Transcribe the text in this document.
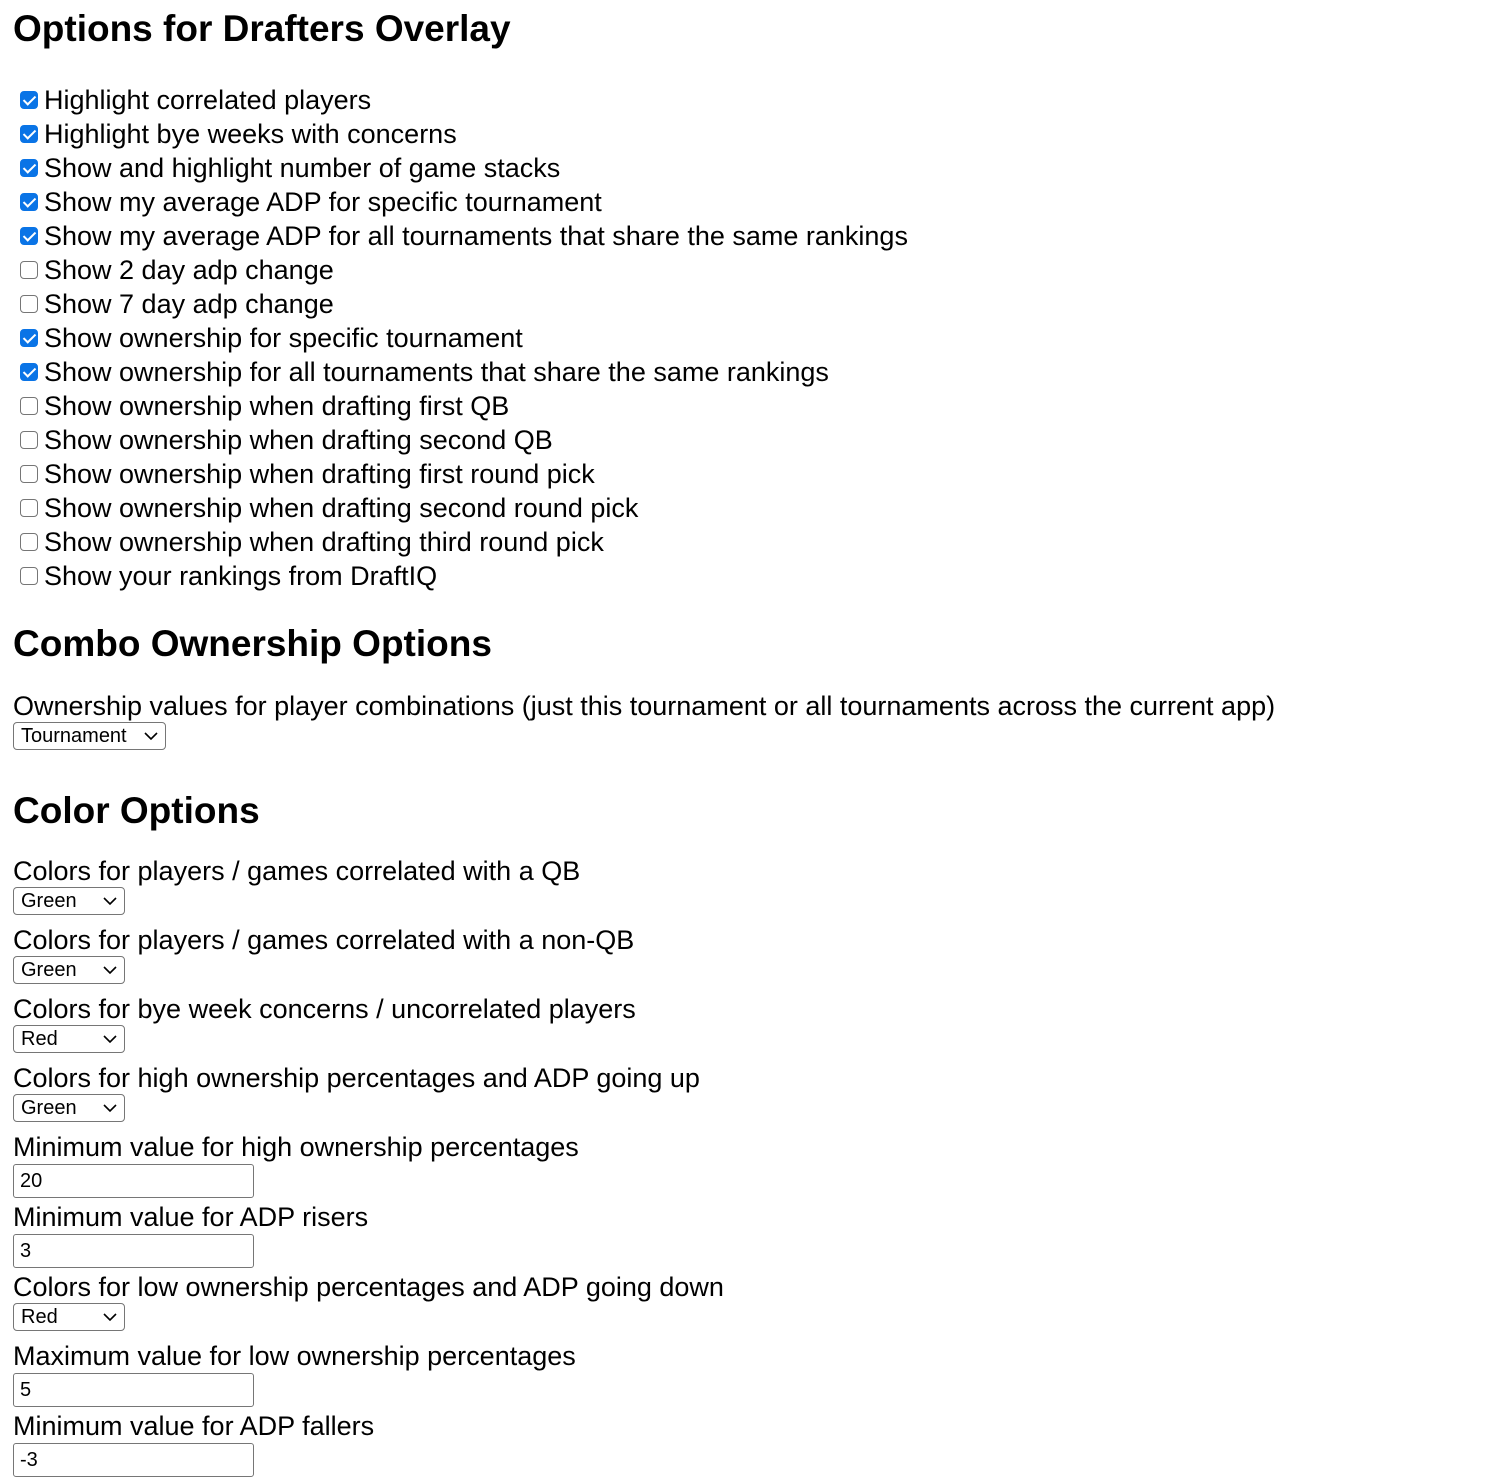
Options for Drafters Overlay
Highlight correlated players
Highlight bye weeks with concerns
Show and highlight number of game stacks
Show my average ADP for specific tournament
Show my average ADP for all tournaments that share the same rankings
Show 2 day adp change
Show 7 day adp change
Show ownership for specific tournament
Show ownership for all tournaments that share the same rankings
Show ownership when drafting first QB
Show ownership when drafting second QB
Show ownership when drafting first round pick
Show ownership when drafting second round pick
Show ownership when drafting third round pick
Show your rankings from DraftIQ
Combo Ownership Options
Ownership values for player combinations (just this tournament or all tournaments across the current app)
Tournament
Color Options
Colors for players / games correlated with a QB
Green
Colors for players / games correlated with a non-QB
Green
Colors for bye week concerns / uncorrelated players
Red
Colors for high ownership percentages and ADP going up
Green
Minimum value for high ownership percentages
20
Minimum value for ADP risers
3
Colors for low ownership percentages and ADP going down
Red
Maximum value for low ownership percentages
5
Minimum value for ADP fallers
-3
